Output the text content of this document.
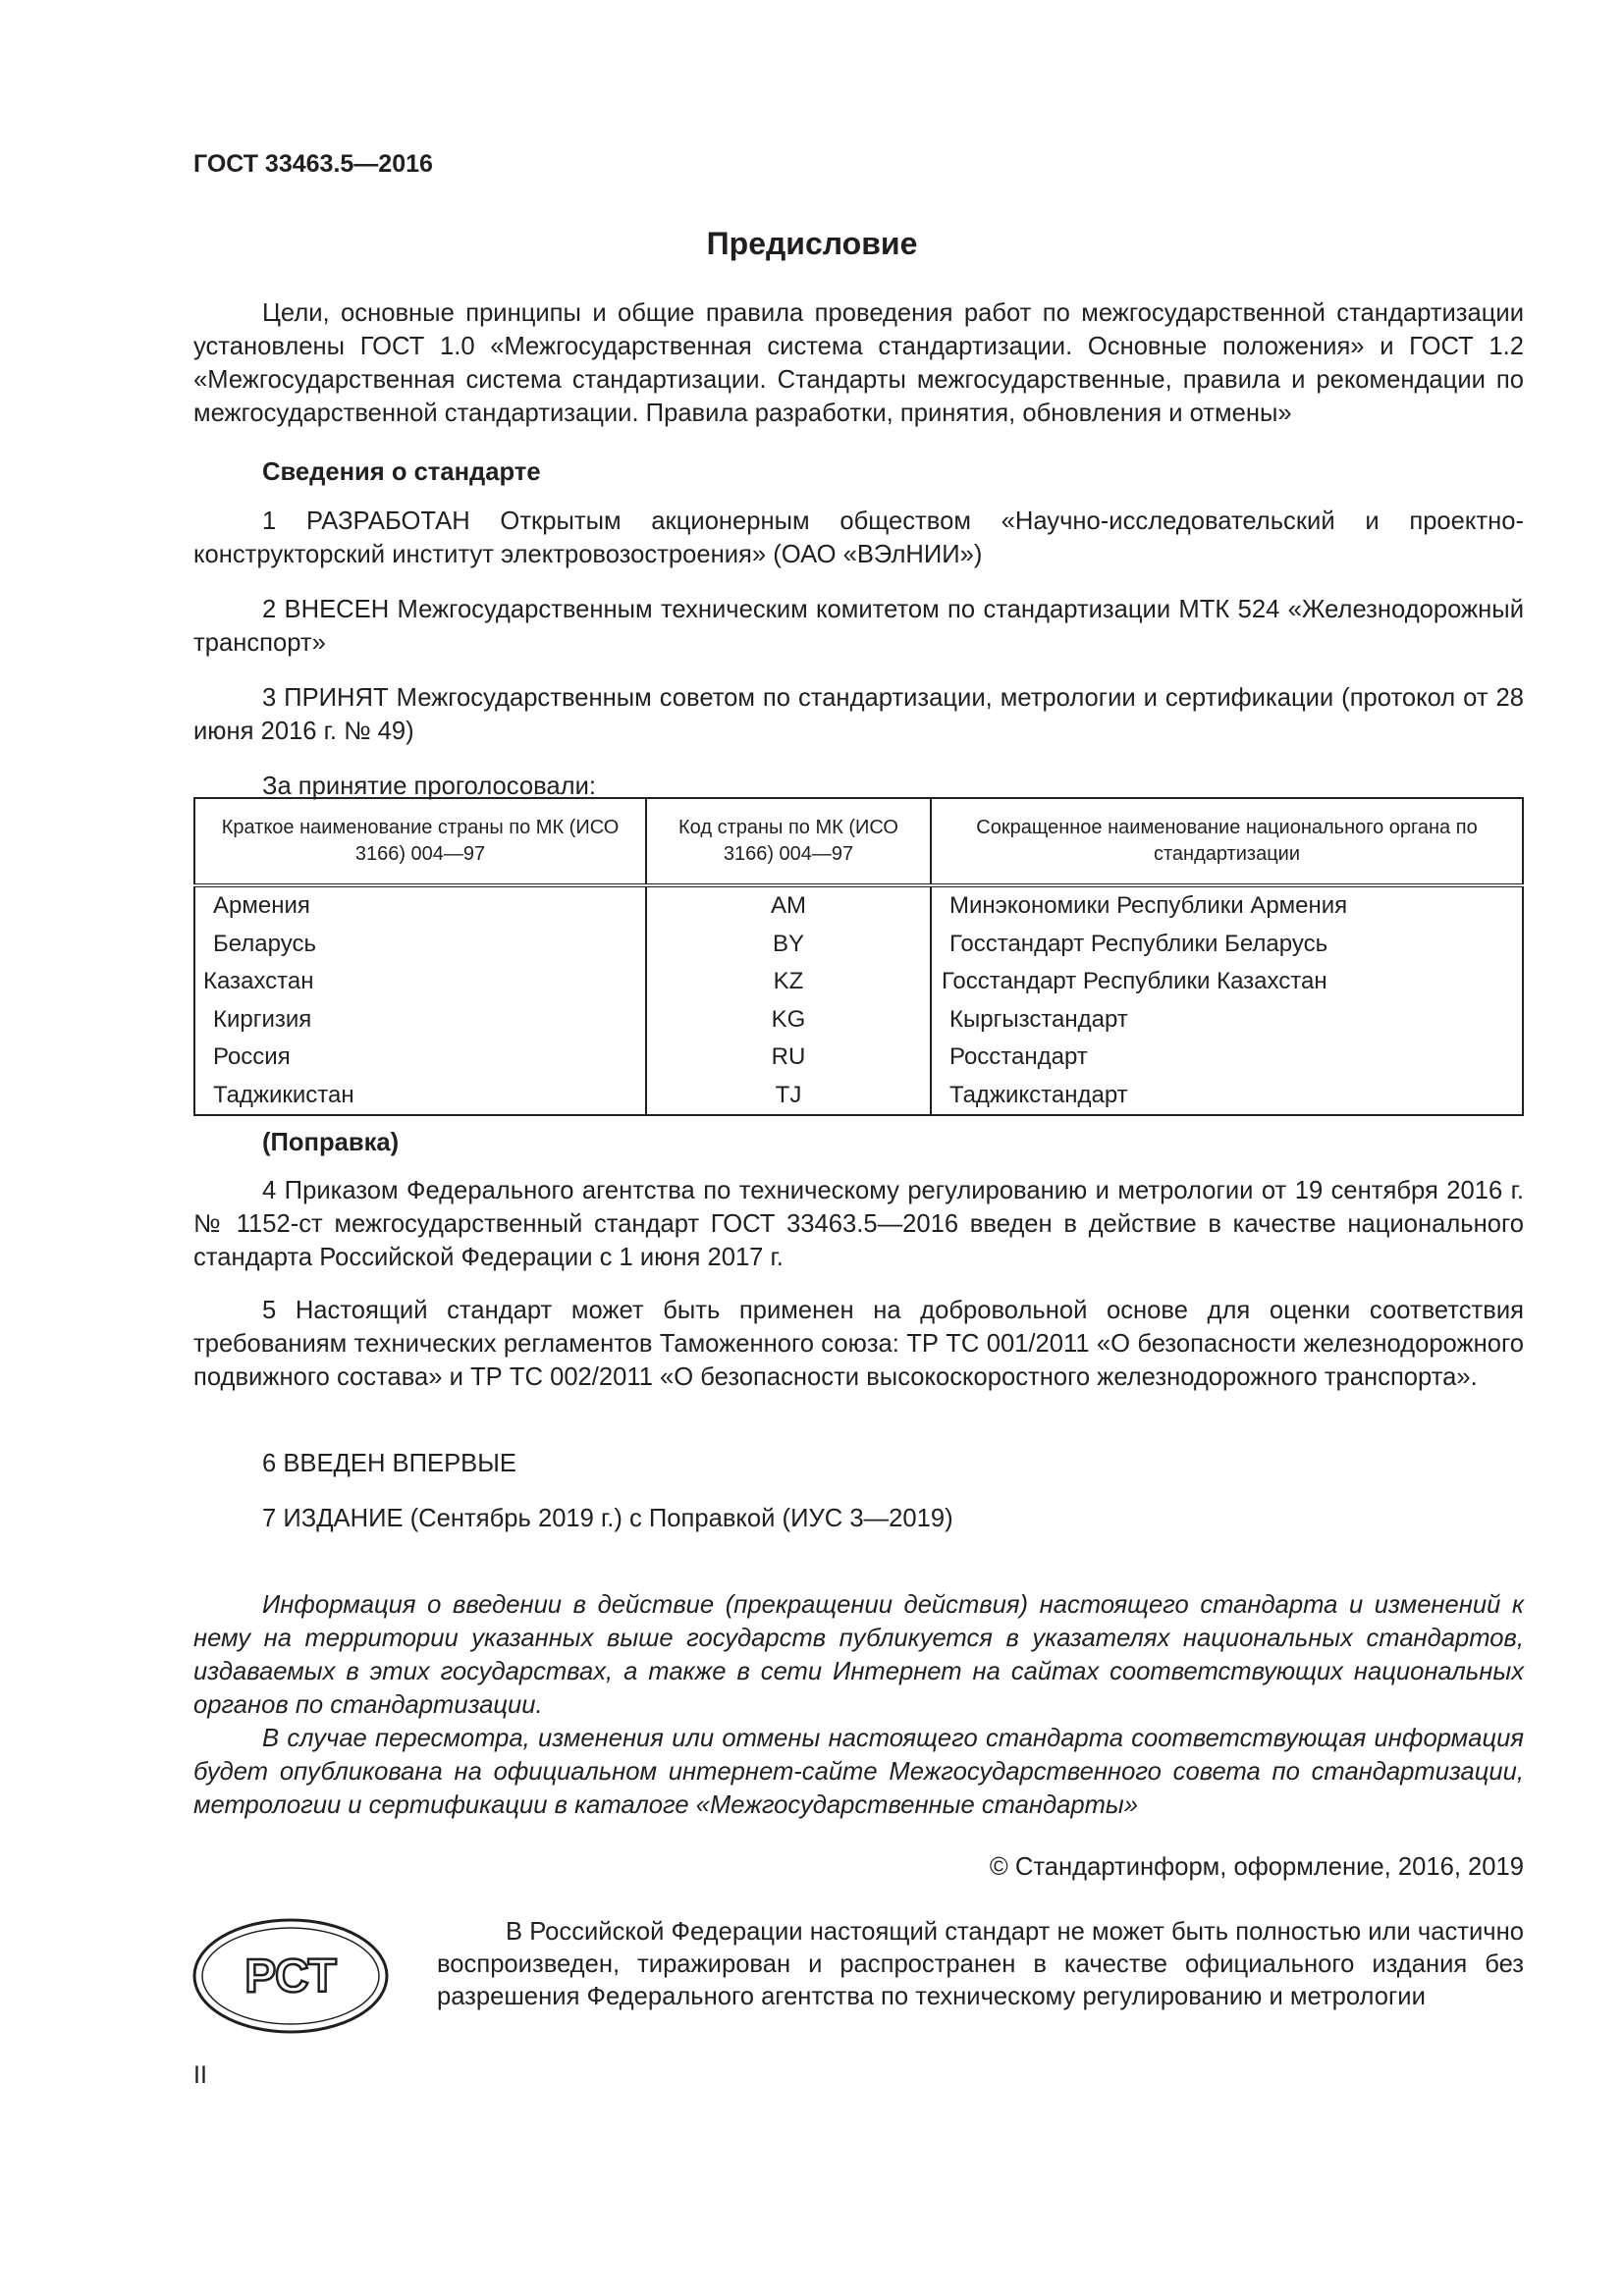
ГОСТ 33463.5—2016
Предисловие
Цели, основные принципы и общие правила проведения работ по межгосударственной стандартизации установлены ГОСТ 1.0 «Межгосударственная система стандартизации. Основные положения» и ГОСТ 1.2 «Межгосударственная система стандартизации. Стандарты межгосударственные, правила и рекомендации по межгосударственной стандартизации. Правила разработки, принятия, обновления и отмены»
Сведения о стандарте
1 РАЗРАБОТАН Открытым акционерным обществом «Научно-исследовательский и проектно-конструкторский институт электровозостроения» (ОАО «ВЭлНИИ»)
2 ВНЕСЕН Межгосударственным техническим комитетом по стандартизации МТК 524 «Железнодорожный транспорт»
3 ПРИНЯТ Межгосударственным советом по стандартизации, метрологии и сертификации (протокол от 28 июня 2016 г. № 49)
За принятие проголосовали:
Краткое наименование страны по МК (ИСО 3166) 004—97	Код страны по МК (ИСО 3166) 004—97	Сокращенное наименование национального органа по стандартизации
Армения	AM	Минэкономики Республики Армения
Беларусь	BY	Госстандарт Республики Беларусь
Казахстан	KZ	Госстандарт Республики Казахстан
Киргизия	KG	Кыргызстандарт
Россия	RU	Росстандарт
Таджикистан	TJ	Таджикстандарт
(Поправка)
4 Приказом Федерального агентства по техническому регулированию и метрологии от 19 сентября 2016 г. № 1152-ст межгосударственный стандарт ГОСТ 33463.5—2016 введен в действие в качестве национального стандарта Российской Федерации с 1 июня 2017 г.
5 Настоящий стандарт может быть применен на добровольной основе для оценки соответствия требованиям технических регламентов Таможенного союза: ТР ТС 001/2011 «О безопасности железнодорожного подвижного состава» и ТР ТС 002/2011 «О безопасности высокоскоростного железнодорожного транспорта».
6 ВВЕДЕН ВПЕРВЫЕ
7 ИЗДАНИЕ (Сентябрь 2019 г.) с Поправкой (ИУС 3—2019)
Информация о введении в действие (прекращении действия) настоящего стандарта и изменений к нему на территории указанных выше государств публикуется в указателях национальных стандартов, издаваемых в этих государствах, а также в сети Интернет на сайтах соответствующих национальных органов по стандартизации.
В случае пересмотра, изменения или отмены настоящего стандарта соответствующая информация будет опубликована на официальном интернет-сайте Межгосударственного совета по стандартизации, метрологии и сертификации в каталоге «Межгосударственные стандарты»
© Стандартинформ, оформление, 2016, 2019
РСТ
В Российской Федерации настоящий стандарт не может быть полностью или частично воспроизведен, тиражирован и распространен в качестве официального издания без разрешения Федерального агентства по техническому регулированию и метрологии
II
